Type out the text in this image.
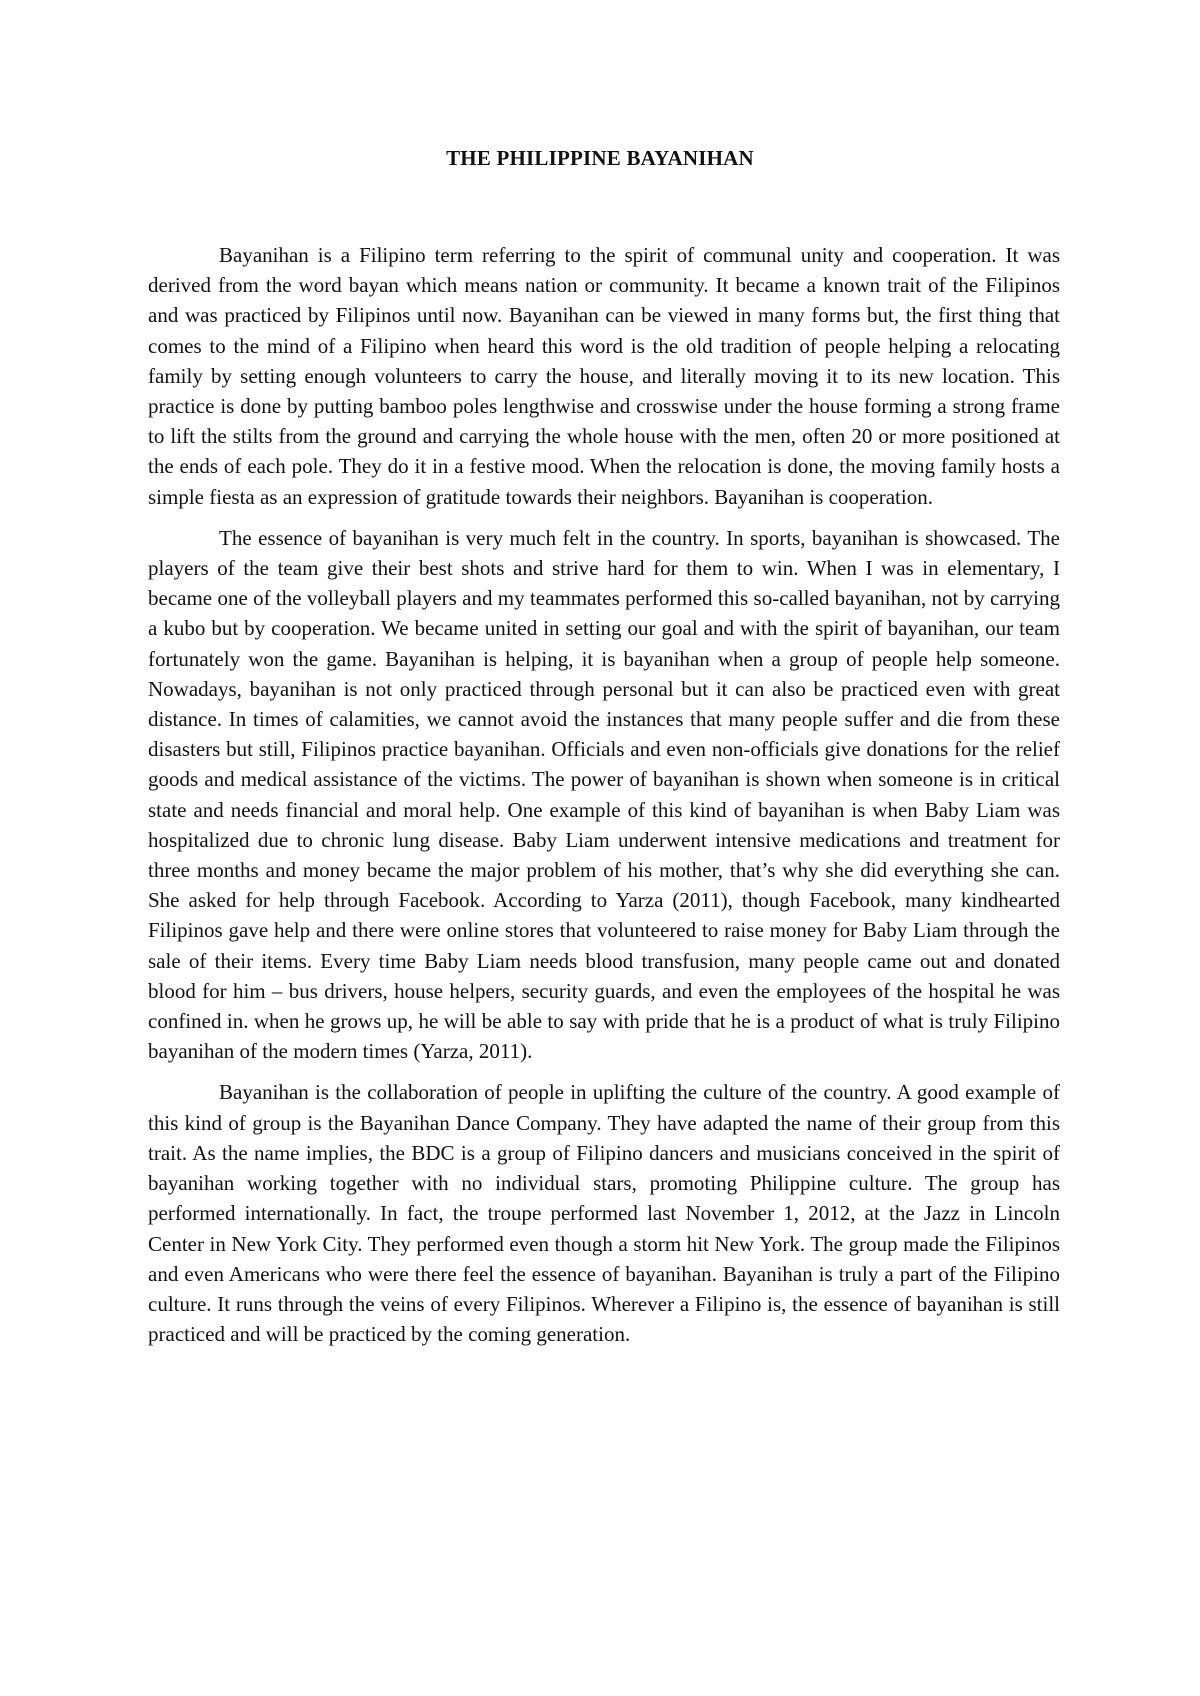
THE PHILIPPINE BAYANIHAN

Bayanihan is a Filipino term referring to the spirit of communal unity and cooperation. It was derived from the word bayan which means nation or community. It became a known trait of the Filipinos and was practiced by Filipinos until now. Bayanihan can be viewed in many forms but, the first thing that comes to the mind of a Filipino when heard this word is the old tradition of people helping a relocating family by setting enough volunteers to carry the house, and literally moving it to its new location. This practice is done by putting bamboo poles lengthwise and crosswise under the house forming a strong frame to lift the stilts from the ground and carrying the whole house with the men, often 20 or more positioned at the ends of each pole. They do it in a festive mood. When the relocation is done, the moving family hosts a simple fiesta as an expression of gratitude towards their neighbors. Bayanihan is cooperation.

The essence of bayanihan is very much felt in the country. In sports, bayanihan is showcased. The players of the team give their best shots and strive hard for them to win. When I was in elementary, I became one of the volleyball players and my teammates performed this so-called bayanihan, not by carrying a kubo but by cooperation. We became united in setting our goal and with the spirit of bayanihan, our team fortunately won the game. Bayanihan is helping, it is bayanihan when a group of people help someone. Nowadays, bayanihan is not only practiced through personal but it can also be practiced even with great distance. In times of calamities, we cannot avoid the instances that many people suffer and die from these disasters but still, Filipinos practice bayanihan. Officials and even non-officials give donations for the relief goods and medical assistance of the victims. The power of bayanihan is shown when someone is in critical state and needs financial and moral help. One example of this kind of bayanihan is when Baby Liam was hospitalized due to chronic lung disease. Baby Liam underwent intensive medications and treatment for three months and money became the major problem of his mother, that’s why she did everything she can. She asked for help through Facebook. According to Yarza (2011), though Facebook, many kindhearted Filipinos gave help and there were online stores that volunteered to raise money for Baby Liam through the sale of their items. Every time Baby Liam needs blood transfusion, many people came out and donated blood for him – bus drivers, house helpers, security guards, and even the employees of the hospital he was confined in. when he grows up, he will be able to say with pride that he is a product of what is truly Filipino bayanihan of the modern times (Yarza, 2011).

Bayanihan is the collaboration of people in uplifting the culture of the country. A good example of this kind of group is the Bayanihan Dance Company. They have adapted the name of their group from this trait. As the name implies, the BDC is a group of Filipino dancers and musicians conceived in the spirit of bayanihan working together with no individual stars, promoting Philippine culture. The group has performed internationally. In fact, the troupe performed last November 1, 2012, at the Jazz in Lincoln Center in New York City. They performed even though a storm hit New York. The group made the Filipinos and even Americans who were there feel the essence of bayanihan. Bayanihan is truly a part of the Filipino culture. It runs through the veins of every Filipinos. Wherever a Filipino is, the essence of bayanihan is still practiced and will be practiced by the coming generation.
